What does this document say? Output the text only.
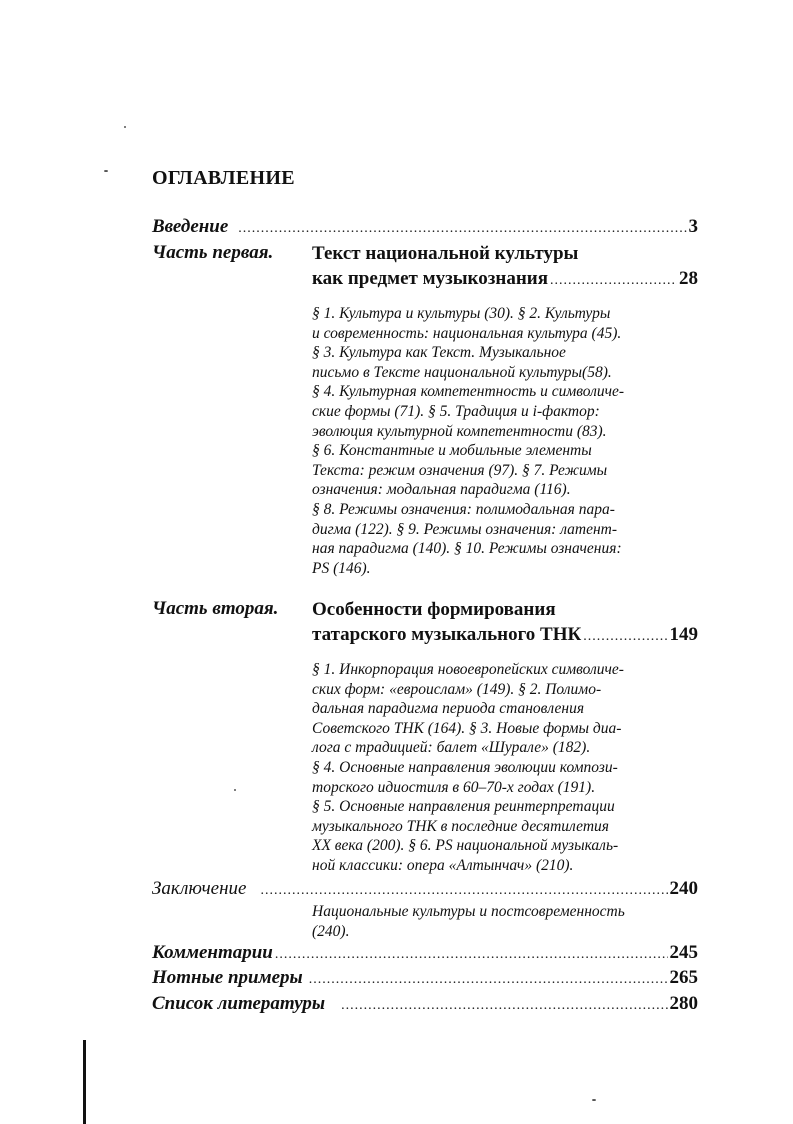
ОГЛАВЛЕНИЕ
Введение .....	3
Часть первая. Текст национальной культуры
как предмет музыкознания .....	28
§ 1. Культура и культуры (30). § 2. Культуры
и современность: национальная культура (45).
§ 3. Культура как Текст. Музыкальное
письмо в Тексте национальной культуры(58).
§ 4. Культурная компетентность и символиче-
ские формы (71). § 5. Традиция и i-фактор:
эволюция культурной компетентности (83).
§ 6. Константные и мобильные элементы
Текста: режим означения (97). § 7. Режимы
означения: модальная парадигма (116).
§ 8. Режимы означения: полимодальная пара-
дигма (122). § 9. Режимы означения: латент-
ная парадигма (140). § 10. Режимы означения:
PS (146).
Часть вторая. Особенности формирования
татарского музыкального ТНК .....	149
§ 1. Инкорпорация новоевропейских символиче-
ских форм: «евроислам» (149). § 2. Полимо-
дальная парадигма периода становления
Советского ТНК (164). § 3. Новые формы диа-
лога с традицией: балет «Шурале» (182).
§ 4. Основные направления эволюции компози-
торского идиостиля в 60–70-х годах (191).
§ 5. Основные направления реинтерпретации
музыкального ТНК в последние десятилетия
XX века (200). § 6. PS национальной музыкаль-
ной классики: опера «Алтынчач» (210).
Заключение .....	240
Национальные культуры и постсовременность
(240).
Комментарии .....	245
Нотные примеры .....	265
Список литературы .....	280
